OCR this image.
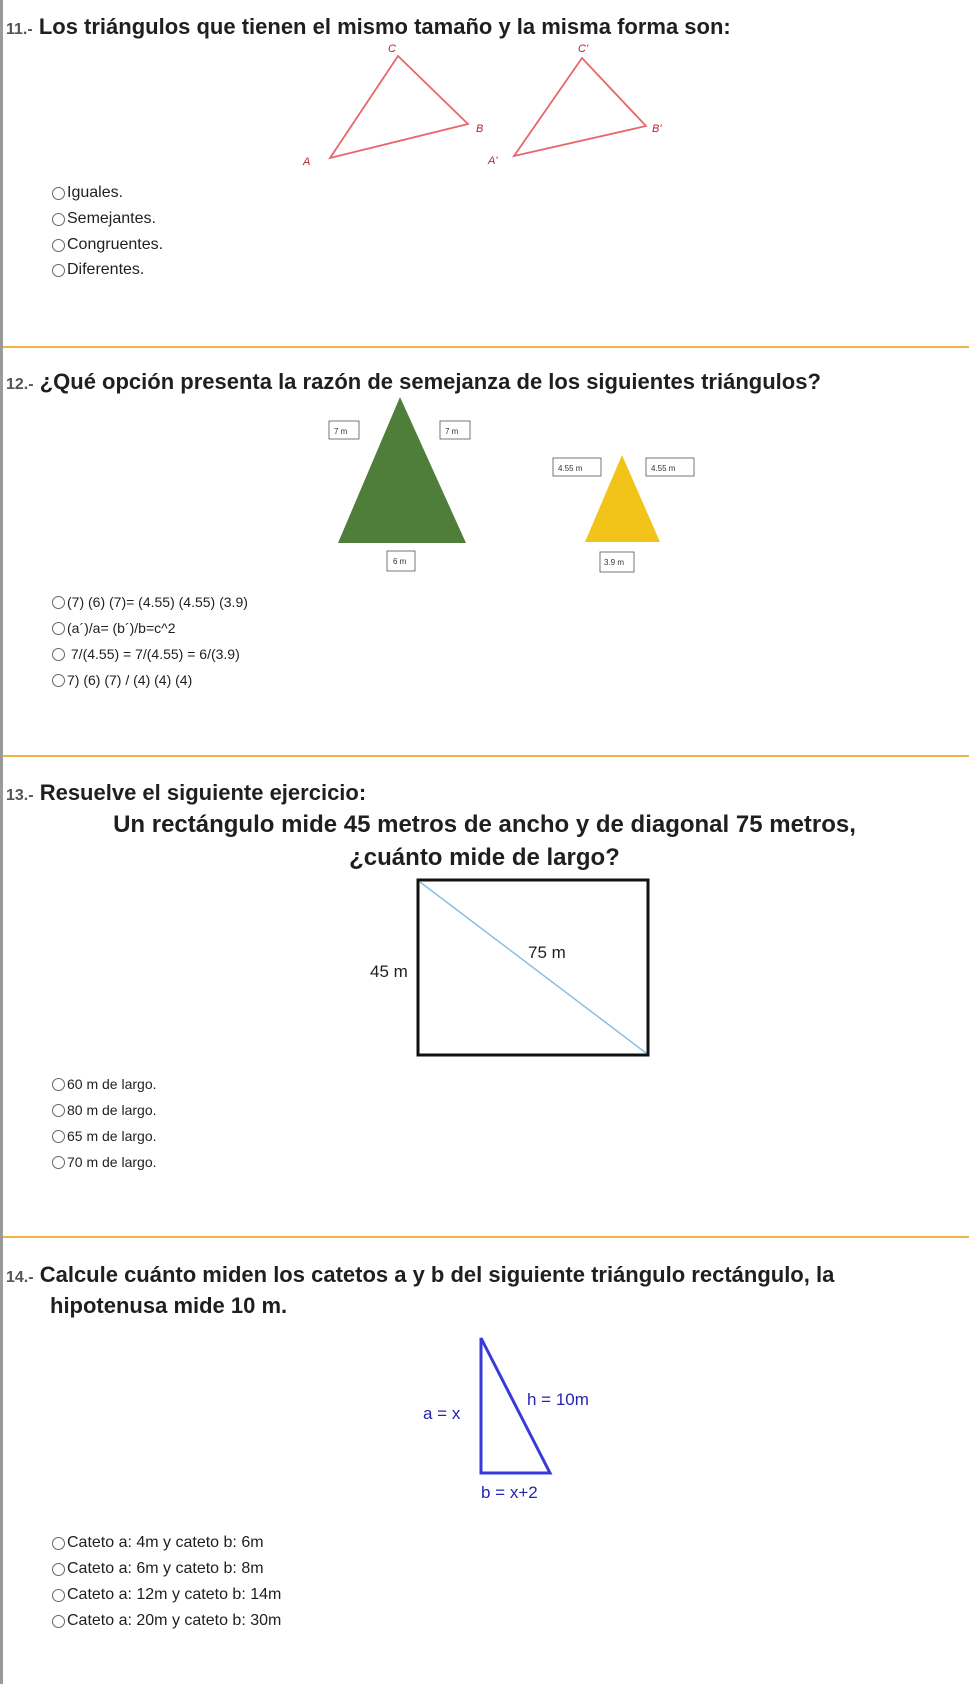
11.- Los triángulos que tienen el mismo tamaño y la misma forma son:
A
C
B
A'
C'
B'
Iguales.
Semejantes.
Congruentes.
Diferentes.
12.- ¿Qué opción presenta la razón de semejanza de los siguientes triángulos?
7 m	7 m
6 m
4.55 m	4.55 m
3.9 m
(7) (6) (7)= (4.55) (4.55) (3.9)
(a´)/a= (b´)/b=c^2
7/(4.55) = 7/(4.55) = 6/(3.9)
7) (6) (7) / (4) (4) (4)
13.- Resuelve el siguiente ejercicio:
Un rectángulo mide 45 metros de ancho y de diagonal 75 metros,
¿cuánto mide de largo?
45 m
75 m
60 m de largo.
80 m de largo.
65 m de largo.
70 m de largo.
14.- Calcule cuánto miden los catetos a y b del siguiente triángulo rectángulo, la
hipotenusa mide 10 m.
a = x
h = 10m
b = x+2
Cateto a: 4m y cateto b: 6m
Cateto a: 6m y cateto b: 8m
Cateto a: 12m y cateto b: 14m
Cateto a: 20m y cateto b: 30m
